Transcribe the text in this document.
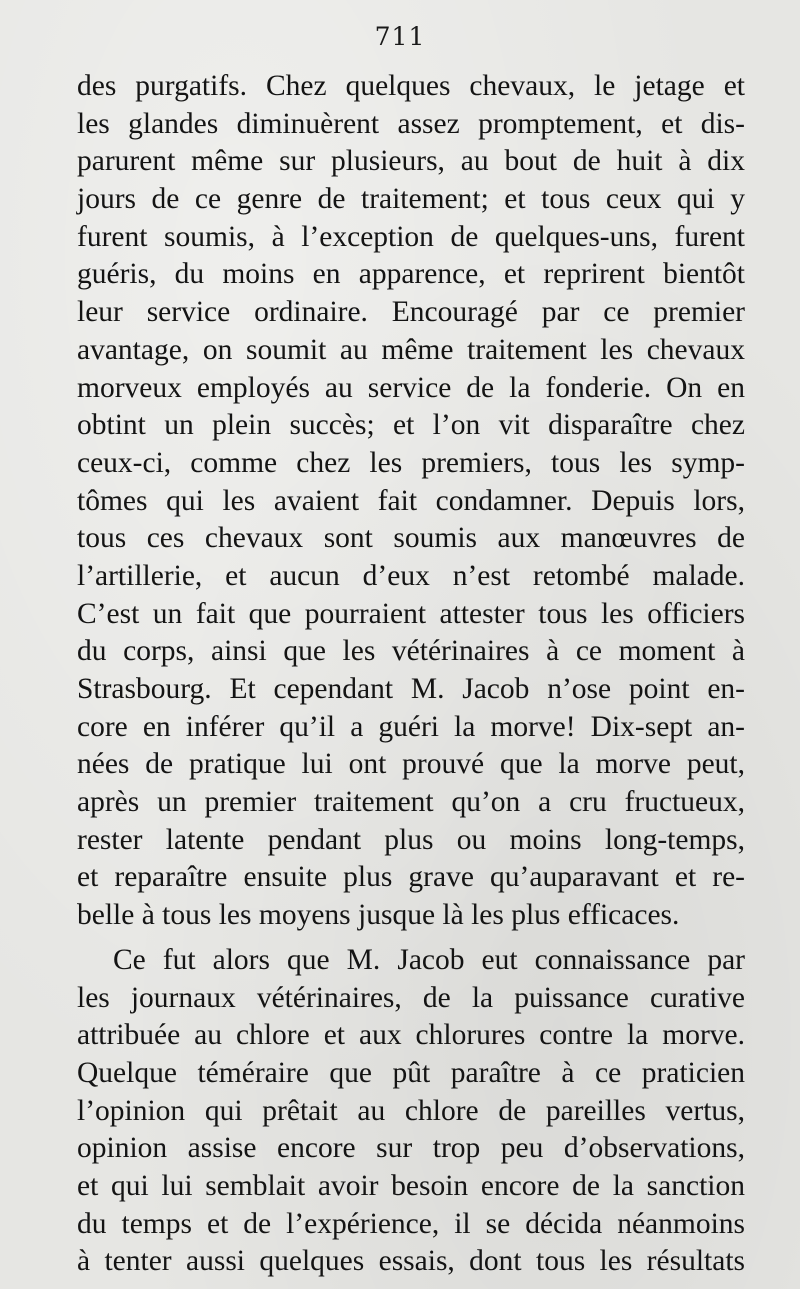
711
des purgatifs. Chez quelques chevaux, le jetage et
les glandes diminuèrent assez promptement, et dis-
parurent même sur plusieurs, au bout de huit à dix
jours de ce genre de traitement; et tous ceux qui y
furent soumis, à l’exception de quelques-uns, furent
guéris, du moins en apparence, et reprirent bientôt
leur service ordinaire. Encouragé par ce premier
avantage, on soumit au même traitement les chevaux
morveux employés au service de la fonderie. On en
obtint un plein succès; et l’on vit disparaître chez
ceux-ci, comme chez les premiers, tous les symp-
tômes qui les avaient fait condamner. Depuis lors,
tous ces chevaux sont soumis aux manœuvres de
l’artillerie, et aucun d’eux n’est retombé malade.
C’est un fait que pourraient attester tous les officiers
du corps, ainsi que les vétérinaires à ce moment à
Strasbourg. Et cependant M. Jacob n’ose point en-
core en inférer qu’il a guéri la morve! Dix-sept an-
nées de pratique lui ont prouvé que la morve peut,
après un premier traitement qu’on a cru fructueux,
rester latente pendant plus ou moins long-temps,
et reparaître ensuite plus grave qu’auparavant et re-
belle à tous les moyens jusque là les plus efficaces.
Ce fut alors que M. Jacob eut connaissance par
les journaux vétérinaires, de la puissance curative
attribuée au chlore et aux chlorures contre la morve.
Quelque téméraire que pût paraître à ce praticien
l’opinion qui prêtait au chlore de pareilles vertus,
opinion assise encore sur trop peu d’observations,
et qui lui semblait avoir besoin encore de la sanction
du temps et de l’expérience, il se décida néanmoins
à tenter aussi quelques essais, dont tous les résultats
